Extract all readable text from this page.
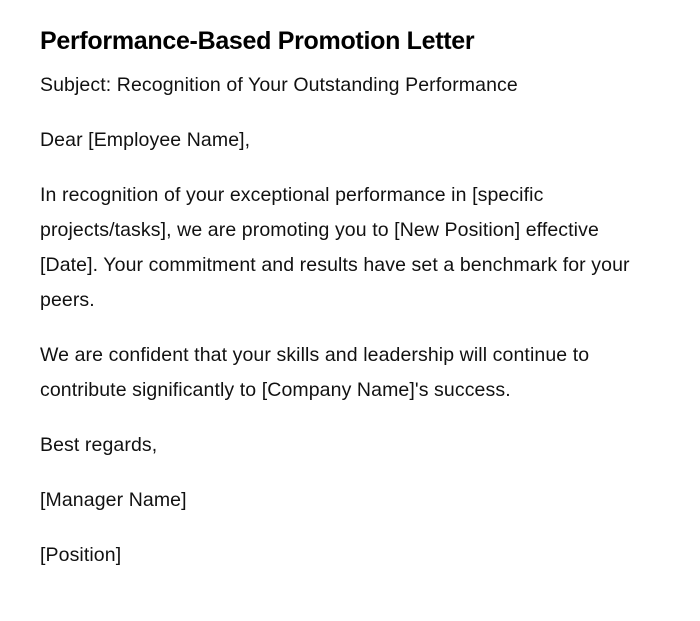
Performance-Based Promotion Letter

Subject: Recognition of Your Outstanding Performance

Dear [Employee Name],

In recognition of your exceptional performance in [specific projects/tasks], we are promoting you to [New Position] effective [Date]. Your commitment and results have set a benchmark for your peers.

We are confident that your skills and leadership will continue to contribute significantly to [Company Name]'s success.

Best regards,

[Manager Name]

[Position]
